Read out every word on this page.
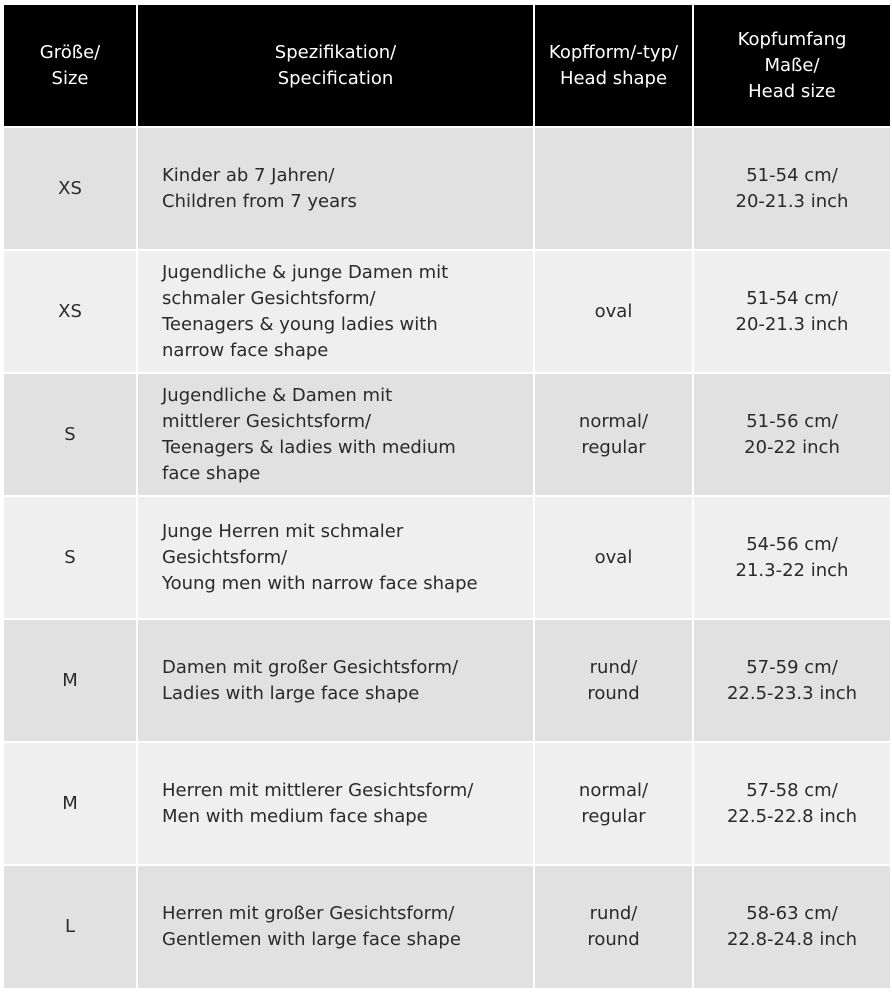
Größe/
Size	Spezifikation/
Specification	Kopfform/-typ/
Head shape	Kopfumfang
Maße/
Head size

XS	Kinder ab 7 Jahren/
Children from 7 years		51-54 cm/
20-21.3 inch

XS	Jugendliche & junge Damen mit
schmaler Gesichtsform/
Teenagers & young ladies with
narrow face shape	oval	51-54 cm/
20-21.3 inch

S	Jugendliche & Damen mit
mittlerer Gesichtsform/
Teenagers & ladies with medium
face shape	normal/
regular	51-56 cm/
20-22 inch

S	Junge Herren mit schmaler
Gesichtsform/
Young men with narrow face shape	oval	54-56 cm/
21.3-22 inch

M	Damen mit großer Gesichtsform/
Ladies with large face shape	rund/
round	57-59 cm/
22.5-23.3 inch

M	Herren mit mittlerer Gesichtsform/
Men with medium face shape	normal/
regular	57-58 cm/
22.5-22.8 inch

L	Herren mit großer Gesichtsform/
Gentlemen with large face shape	rund/
round	58-63 cm/
22.8-24.8 inch
